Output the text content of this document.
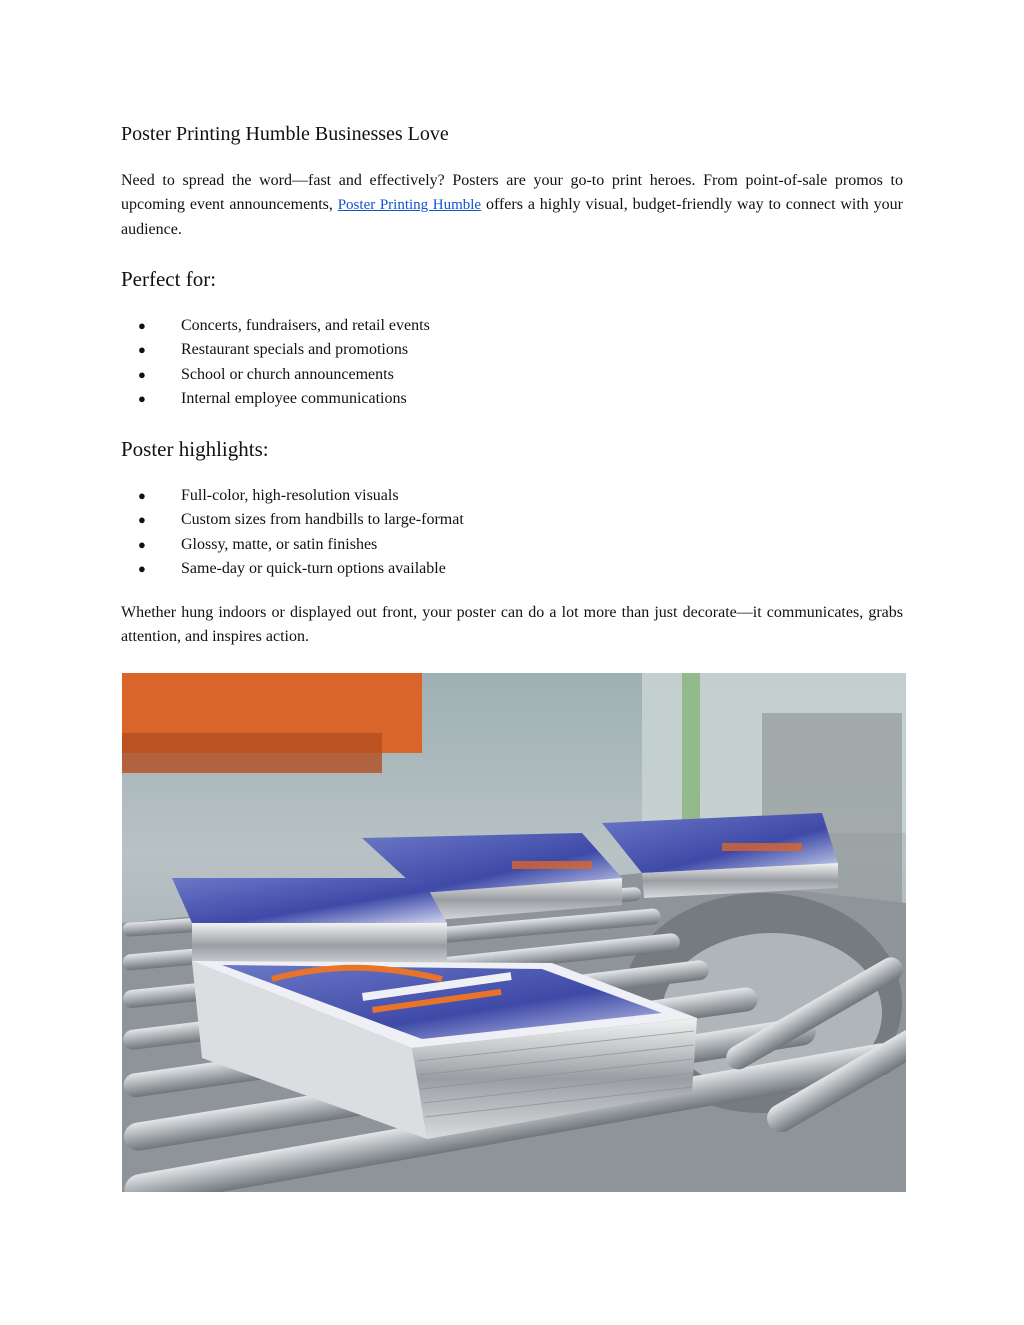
Poster Printing Humble Businesses Love

Need to spread the word—fast and effectively? Posters are your go-to print heroes. From point-of-sale promos to upcoming event announcements, Poster Printing Humble offers a highly visual, budget-friendly way to connect with your audience.

Perfect for:
● Concerts, fundraisers, and retail events
● Restaurant specials and promotions
● School or church announcements
● Internal employee communications
Poster highlights:
● Full-color, high-resolution visuals
● Custom sizes from handbills to large-format
● Glossy, matte, or satin finishes
● Same-day or quick-turn options available

Whether hung indoors or displayed out front, your poster can do a lot more than just decorate—it communicates, grabs attention, and inspires action.
